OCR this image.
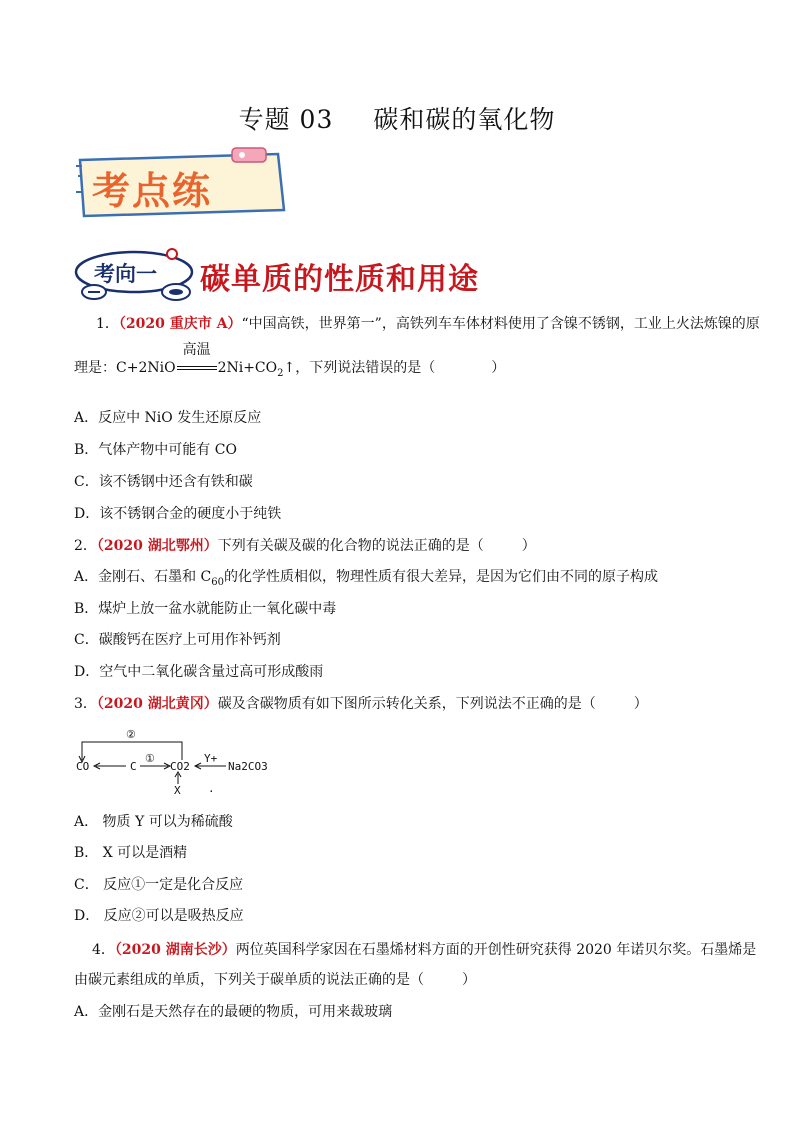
专题 03 碳和碳的氧化物
考点练
考向一 碳单质的性质和用途
1．（2020 重庆市 A）“中国高铁，世界第一”，高铁列车车体材料使用了含镍不锈钢，工业上火法炼镍的原
理是：C+2NiO
高温
$2Ni+CO_2↑$，下列说法错误的是（	）
A．反应中 NiO 发生还原反应
B．气体产物中可能有 CO
C．该不锈钢中还含有铁和碳
D．该不锈钢合金的硬度小于纯铁
2．（2020 湖北鄂州）下列有关碳及碳的化合物的说法正确的是（	）
A．金刚石、石墨和 $C_{60}$的化学性质相似，物理性质有很大差异，是因为它们由不同的原子构成
B．煤炉上放一盆水就能防止一氧化碳中毒
C．碳酸钙在医疗上可用作补钙剂
D．空气中二氧化碳含量过高可形成酸雨
3．（2020 湖北黄冈）碳及含碳物质有如下图所示转化关系，下列说法不正确的是（	）
②
CO	C
①
CO2
Y+
Na2CO3
X .
A． 物质 Y 可以为稀硫酸
B． X 可以是酒精
C． 反应①一定是化合反应
D． 反应②可以是吸热反应
4．（2020 湖南长沙）两位英国科学家因在石墨烯材料方面的开创性研究获得 2020 年诺贝尔奖。石墨烯是
由碳元素组成的单质，下列关于碳单质的说法正确的是（	）
A．金刚石是天然存在的最硬的物质，可用来裁玻璃
